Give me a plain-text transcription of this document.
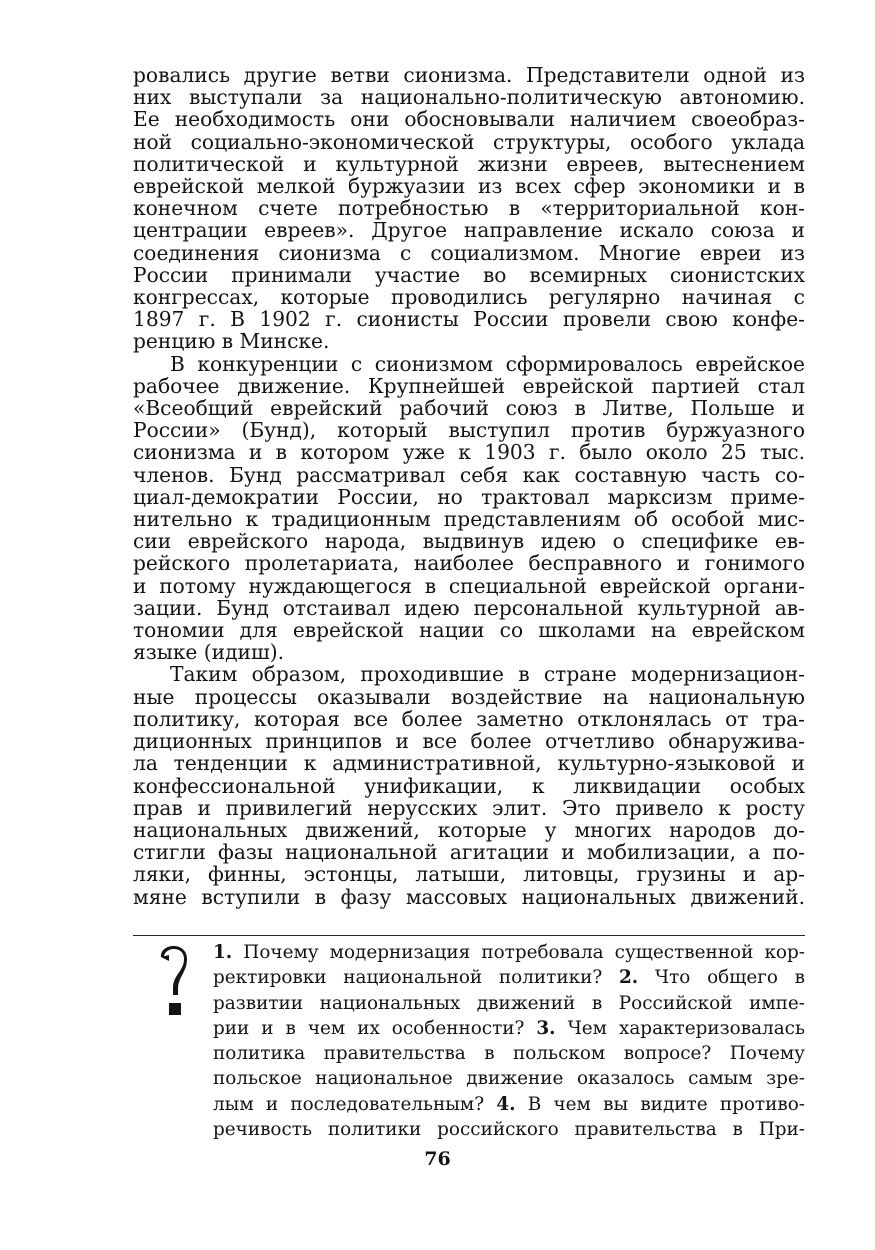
ровались другие ветви сионизма. Представители одной из
них выступали за национально-политическую автономию.
Ее необходимость они обосновывали наличием своеобраз-
ной социально-экономической структуры, особого уклада
политической и культурной жизни евреев, вытеснением
еврейской мелкой буржуазии из всех сфер экономики и в
конечном счете потребностью в «территориальной кон-
центрации евреев». Другое направление искало союза и
соединения сионизма с социализмом. Многие евреи из
России принимали участие во всемирных сионистских
конгрессах, которые проводились регулярно начиная с
1897 г. В 1902 г. сионисты России провели свою конфе-
ренцию в Минске.
В конкуренции с сионизмом сформировалось еврейское
рабочее движение. Крупнейшей еврейской партией стал
«Всеобщий еврейский рабочий союз в Литве, Польше и
России» (Бунд), который выступил против буржуазного
сионизма и в котором уже к 1903 г. было около 25 тыс.
членов. Бунд рассматривал себя как составную часть со-
циал-демократии России, но трактовал марксизм приме-
нительно к традиционным представлениям об особой мис-
сии еврейского народа, выдвинув идею о специфике ев-
рейского пролетариата, наиболее бесправного и гонимого
и потому нуждающегося в специальной еврейской органи-
зации. Бунд отстаивал идею персональной культурной ав-
тономии для еврейской нации со школами на еврейском
языке (идиш).
Таким образом, проходившие в стране модернизацион-
ные процессы оказывали воздействие на национальную
политику, которая все более заметно отклонялась от тра-
диционных принципов и все более отчетливо обнаружива-
ла тенденции к административной, культурно-языковой и
конфессиональной унификации, к ликвидации особых
прав и привилегий нерусских элит. Это привело к росту
национальных движений, которые у многих народов до-
стигли фазы национальной агитации и мобилизации, а по-
ляки, финны, эстонцы, латыши, литовцы, грузины и ар-
мяне вступили в фазу массовых национальных движений.
1. Почему модернизация потребовала существенной кор-
ректировки национальной политики? 2. Что общего в
развитии национальных движений в Российской импе-
рии и в чем их особенности? 3. Чем характеризовалась
политика правительства в польском вопросе? Почему
польское национальное движение оказалось самым зре-
лым и последовательным? 4. В чем вы видите противо-
речивость политики российского правительства в При-
76
